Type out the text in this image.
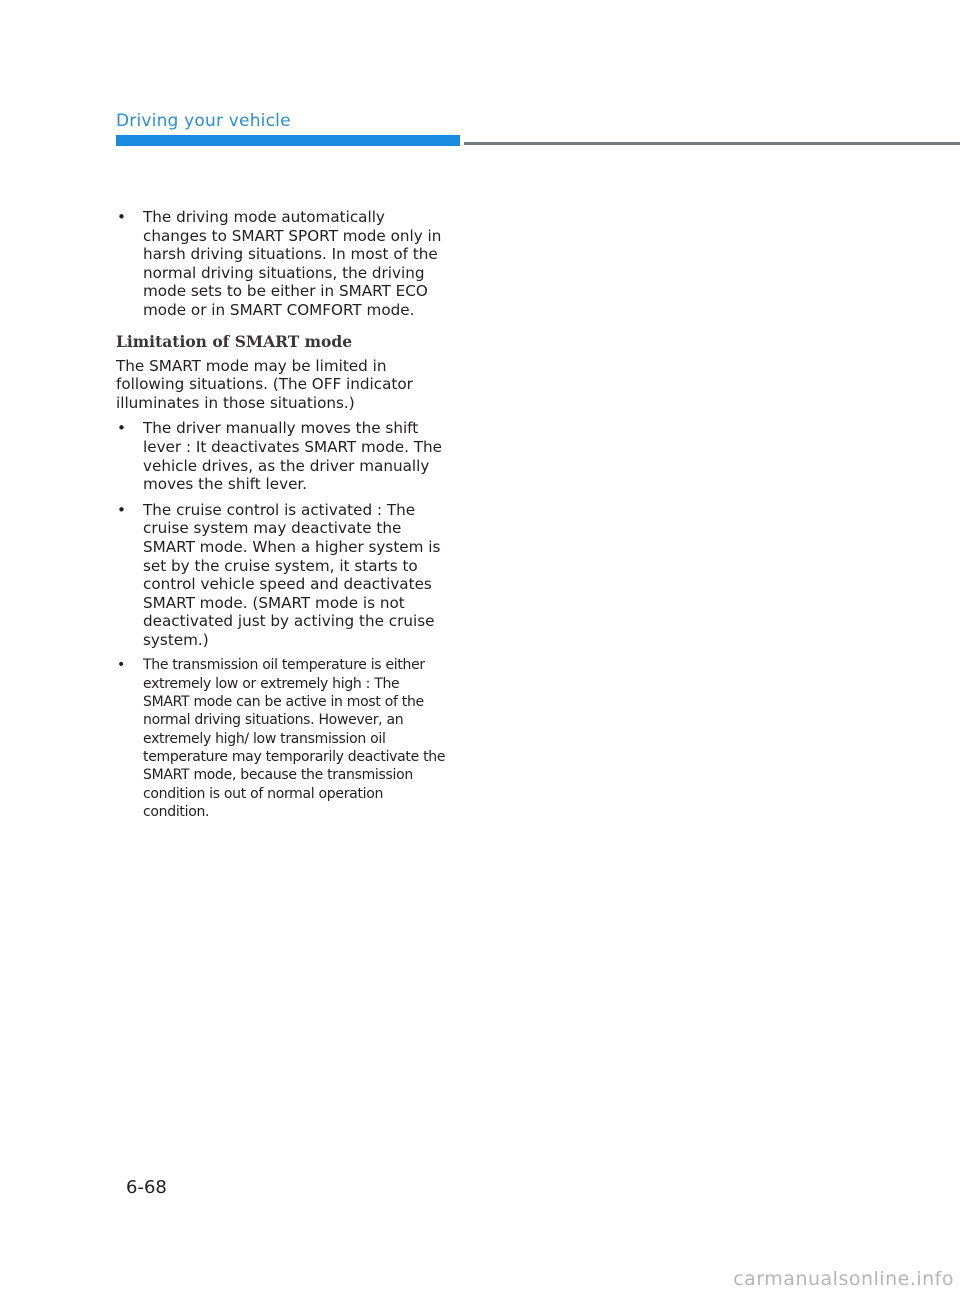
Driving your vehicle
• The driving mode automatically changes to SMART SPORT mode only in harsh driving situations. In most of the normal driving situations, the driving mode sets to be either in SMART ECO mode or in SMART COMFORT mode.
Limitation of SMART mode

The SMART mode may be limited in following situations. (The OFF indicator illuminates in those situations.)

• The driver manually moves the shift lever : It deactivates SMART mode. The vehicle drives, as the driver manually moves the shift lever.
• The cruise control is activated : The cruise system may deactivate the SMART mode. When a higher system is set by the cruise system, it starts to control vehicle speed and deactivates SMART mode. (SMART mode is not deactivated just by activing the cruise system.)
• The transmission oil temperature is either extremely low or extremely high : The SMART mode can be active in most of the normal driving situations. However, an extremely high/ low transmission oil temperature may temporarily deactivate the SMART mode, because the transmission condition is out of normal operation condition.
6-68
carmanualsonline.info
